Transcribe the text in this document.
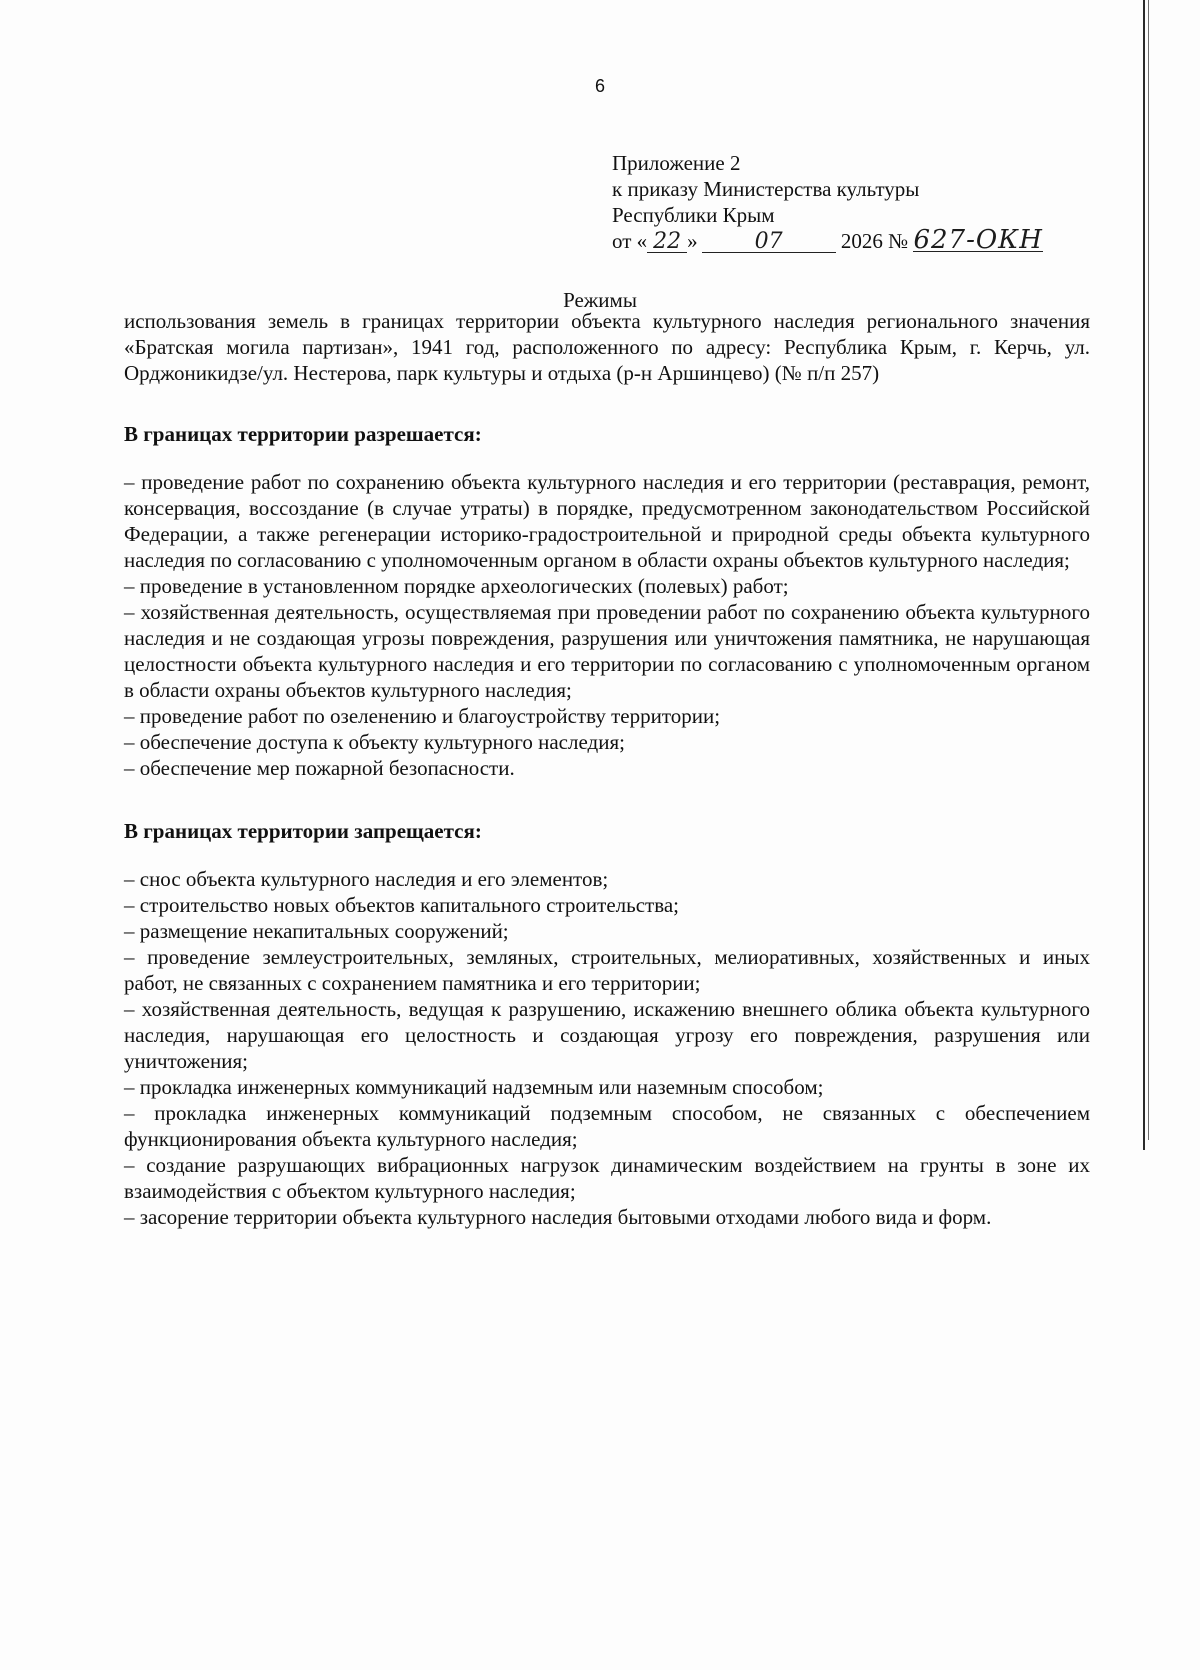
6
Приложение 2
к приказу Министерства культуры
Республики Крым
от « 22 »	07	2026 № 627-ОКН
Режимы

использования земель в границах территории объекта культурного наследия регионального значения «Братская могила партизан», 1941 год, расположенного по адресу: Республика Крым, г. Керчь, ул. Орджоникидзе/ул. Нестерова, парк культуры и отдыха (р-н Аршинцево) (№ п/п 257)

В границах территории разрешается:

– проведение работ по сохранению объекта культурного наследия и его территории (реставрация, ремонт, консервация, воссоздание (в случае утраты) в порядке, предусмотренном законодательством Российской Федерации, а также регенерации историко-градостроительной и природной среды объекта культурного наследия по согласованию с уполномоченным органом в области охраны объектов культурного наследия;

– проведение в установленном порядке археологических (полевых) работ;

– хозяйственная деятельность, осуществляемая при проведении работ по сохранению объекта культурного наследия и не создающая угрозы повреждения, разрушения или уничтожения памятника, не нарушающая целостности объекта культурного наследия и его территории по согласованию с уполномоченным органом в области охраны объектов культурного наследия;

– проведение работ по озеленению и благоустройству территории;

– обеспечение доступа к объекту культурного наследия;

– обеспечение мер пожарной безопасности.

В границах территории запрещается:

– снос объекта культурного наследия и его элементов;

– строительство новых объектов капитального строительства;

– размещение некапитальных сооружений;

– проведение землеустроительных, земляных, строительных, мелиоративных, хозяйственных и иных работ, не связанных с сохранением памятника и его территории;

– хозяйственная деятельность, ведущая к разрушению, искажению внешнего облика объекта культурного наследия, нарушающая его целостность и создающая угрозу его повреждения, разрушения или уничтожения;

– прокладка инженерных коммуникаций надземным или наземным способом;

– прокладка инженерных коммуникаций подземным способом, не связанных с обеспечением функционирования объекта культурного наследия;

– создание разрушающих вибрационных нагрузок динамическим воздействием на грунты в зоне их взаимодействия с объектом культурного наследия;

– засорение территории объекта культурного наследия бытовыми отходами любого вида и форм.
